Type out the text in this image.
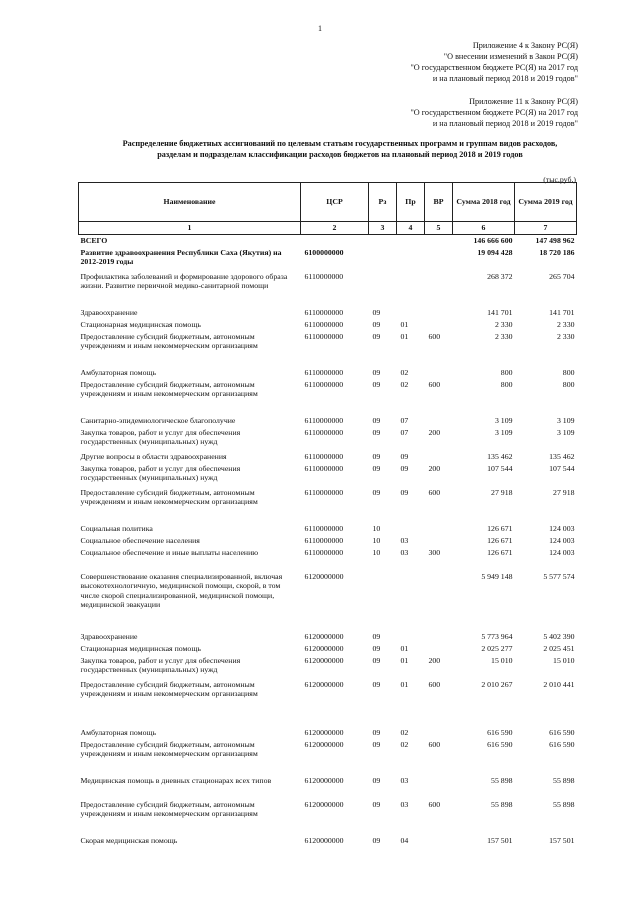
1
Приложение 4 к Закону РС(Я)
"О внесении изменений в Закон РС(Я)
"О государственном бюджете РС(Я) на 2017 год
и на плановый период 2018 и 2019 годов"
Приложение 11 к Закону РС(Я)
"О государственном бюджете РС(Я) на 2017 год
и на плановый период 2018 и 2019 годов"
Распределение бюджетных ассигнований по целевым статьям государственных программ и группам видов расходов,
разделам и подразделам классификации расходов бюджетов на плановый период 2018 и 2019 годов
(тыс.руб.)
Наименование	ЦСР	Рз	Пр	ВР	Сумма 2018 год	Сумма 2019 год
1	2	3	4	5	6	7
ВСЕГО					146 666 600	147 498 962
Развитие здравоохранения Республики Саха (Якутия) на 2012-2019 годы	6100000000				19 094 428	18 720 186
Профилактика заболеваний и формирование здорового образа жизни. Развитие первичной медико-санитарной помощи	6110000000				268 372	265 704
Здравоохранение	6110000000	09			141 701	141 701
Стационарная медицинская помощь	6110000000	09	01		2 330	2 330
Предоставление субсидий бюджетным, автономным учреждениям и иным некоммерческим организациям	6110000000	09	01	600	2 330	2 330
Амбулаторная помощь	6110000000	09	02		800	800
Предоставление субсидий бюджетным, автономным учреждениям и иным некоммерческим организациям	6110000000	09	02	600	800	800
Санитарно-эпидемиологическое благополучие	6110000000	09	07		3 109	3 109
Закупка товаров, работ и услуг для обеспечения государственных (муниципальных) нужд	6110000000	09	07	200	3 109	3 109
Другие вопросы в области здравоохранения	6110000000	09	09		135 462	135 462
Закупка товаров, работ и услуг для обеспечения государственных (муниципальных) нужд	6110000000	09	09	200	107 544	107 544
Предоставление субсидий бюджетным, автономным учреждениям и иным некоммерческим организациям	6110000000	09	09	600	27 918	27 918
Социальная политика	6110000000	10			126 671	124 003
Социальное обеспечение населения	6110000000	10	03		126 671	124 003
Социальное обеспечение и иные выплаты населению	6110000000	10	03	300	126 671	124 003
Совершенствование оказания специализированной, включая высокотехнологичную, медицинской помощи, скорой, в том числе скорой специализированной, медицинской помощи, медицинской эвакуации	6120000000				5 949 148	5 577 574
Здравоохранение	6120000000	09			5 773 964	5 402 390
Стационарная медицинская помощь	6120000000	09	01		2 025 277	2 025 451
Закупка товаров, работ и услуг для обеспечения государственных (муниципальных) нужд	6120000000	09	01	200	15 010	15 010
Предоставление субсидий бюджетным, автономным учреждениям и иным некоммерческим организациям	6120000000	09	01	600	2 010 267	2 010 441
Амбулаторная помощь	6120000000	09	02		616 590	616 590
Предоставление субсидий бюджетным, автономным учреждениям и иным некоммерческим организациям	6120000000	09	02	600	616 590	616 590
Медицинская помощь в дневных стационарах всех типов	6120000000	09	03		55 898	55 898
Предоставление субсидий бюджетным, автономным учреждениям и иным некоммерческим организациям	6120000000	09	03	600	55 898	55 898
Скорая медицинская помощь	6120000000	09	04		157 501	157 501
